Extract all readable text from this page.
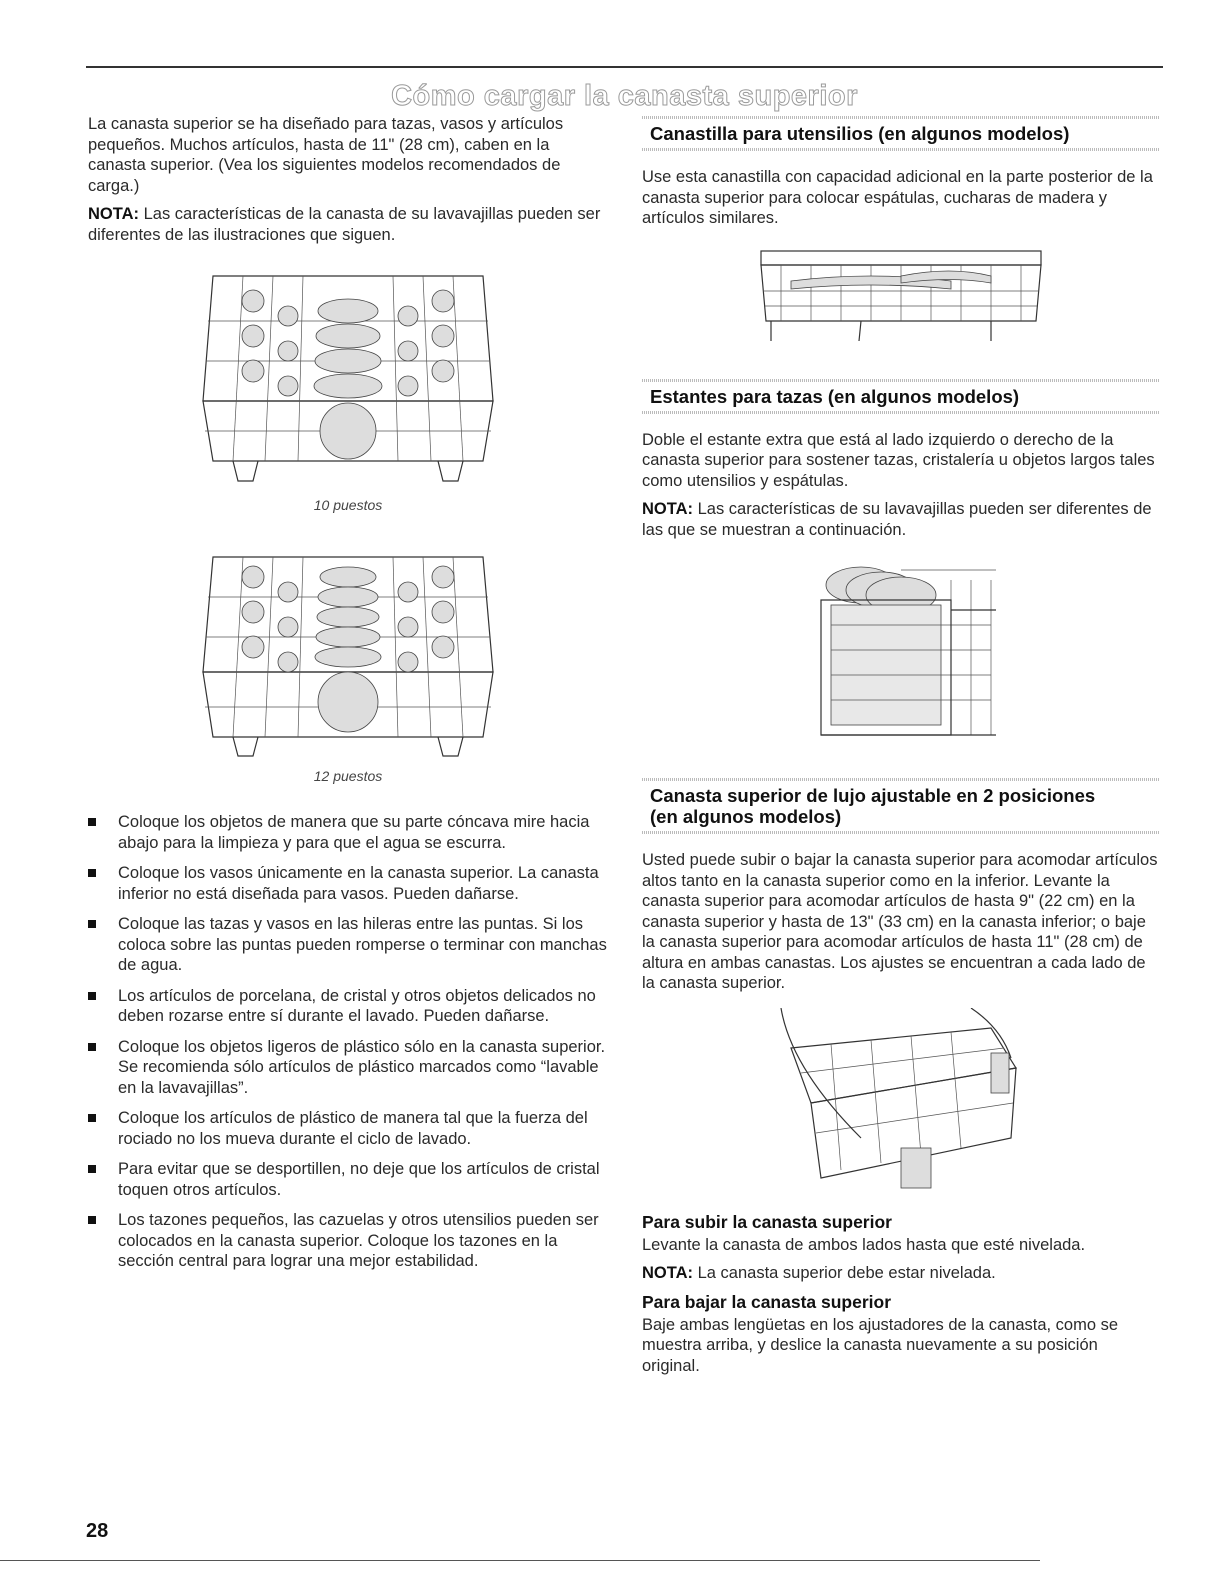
Cómo cargar la canasta superior

La canasta superior se ha diseñado para tazas, vasos y artículos pequeños. Muchos artículos, hasta de 11" (28 cm), caben en la canasta superior. (Vea los siguientes modelos recomendados de carga.)

NOTA: Las características de la canasta de su lavavajillas pueden ser diferentes de las ilustraciones que siguen.

10 puestos

12 puestos

Coloque los objetos de manera que su parte cóncava mire hacia abajo para la limpieza y para que el agua se escurra.
Coloque los vasos únicamente en la canasta superior. La canasta inferior no está diseñada para vasos. Pueden dañarse.
Coloque las tazas y vasos en las hileras entre las puntas. Si los coloca sobre las puntas pueden romperse o terminar con manchas de agua.
Los artículos de porcelana, de cristal y otros objetos delicados no deben rozarse entre sí durante el lavado. Pueden dañarse.
Coloque los objetos ligeros de plástico sólo en la canasta superior. Se recomienda sólo artículos de plástico marcados como “lavable en la lavavajillas”.
Coloque los artículos de plástico de manera tal que la fuerza del rociado no los mueva durante el ciclo de lavado.
Para evitar que se desportillen, no deje que los artículos de cristal toquen otros artículos.
Los tazones pequeños, las cazuelas y otros utensilios pueden ser colocados en la canasta superior. Coloque los tazones en la sección central para lograr una mejor estabilidad.
Canastilla para utensilios (en algunos modelos)

Use esta canastilla con capacidad adicional en la parte posterior de la canasta superior para colocar espátulas, cucharas de madera y artículos similares.

Estantes para tazas (en algunos modelos)

Doble el estante extra que está al lado izquierdo o derecho de la canasta superior para sostener tazas, cristalería u objetos largos tales como utensilios y espátulas.

NOTA: Las características de su lavavajillas pueden ser diferentes de las que se muestran a continuación.

Canasta superior de lujo ajustable en 2 posiciones
(en algunos modelos)

Usted puede subir o bajar la canasta superior para acomodar artículos altos tanto en la canasta superior como en la inferior. Levante la canasta superior para acomodar artículos de hasta 9" (22 cm) en la canasta superior y hasta de 13" (33 cm) en la canasta inferior; o baje la canasta superior para acomodar artículos de hasta 11" (28 cm) de altura en ambas canastas. Los ajustes se encuentran a cada lado de la canasta superior.

Para subir la canasta superior

Levante la canasta de ambos lados hasta que esté nivelada.

NOTA: La canasta superior debe estar nivelada.

Para bajar la canasta superior

Baje ambas lengüetas en los ajustadores de la canasta, como se muestra arriba, y deslice la canasta nuevamente a su posición original.

28
